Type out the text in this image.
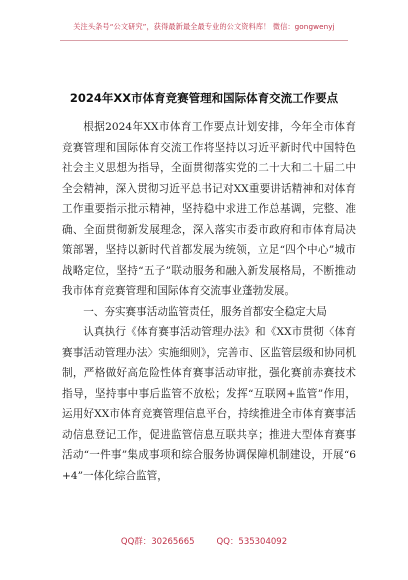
关注头条号“公文研究”，获得最新最全最专业的公文资料库！ 微信：gongwenyj
2024年XX市体育竞赛管理和国际体育交流工作要点

根据2024年XX市体育工作要点计划安排，今年全市体育竞赛管理和国际体育交流工作将坚持以习近平新时代中国特色社会主义思想为指导，全面贯彻落实党的二十大和二十届二中全会精神，深入贯彻习近平总书记对XX重要讲话精神和对体育工作重要指示批示精神，坚持稳中求进工作总基调，完整、准确、全面贯彻新发展理念，深入落实市委市政府和市体育局决策部署，坚持以新时代首都发展为统领，立足“四个中心”城市战略定位，坚持“五子”联动服务和融入新发展格局，不断推动我市体育竞赛管理和国际体育交流事业蓬勃发展。

一、夯实赛事活动监管责任，服务首都安全稳定大局

认真执行《体育赛事活动管理办法》和《XX市贯彻〈体育赛事活动管理办法〉实施细则》，完善市、区监管层级和协同机制，严格做好高危险性体育赛事活动审批，强化赛前赤赛技术指导，坚持事中事后监管不放松；发挥“互联网+监管”作用，运用好XX市体育竞赛管理信息平台，持续推进全市体育赛事活动信息登记工作，促进监管信息互联共享；推进大型体育赛事活动“一件事”集成事项和综合服务协调保障机制建设，开展“6+4”一体化综合监管，

QQ群：30265665	QQ：535304092
